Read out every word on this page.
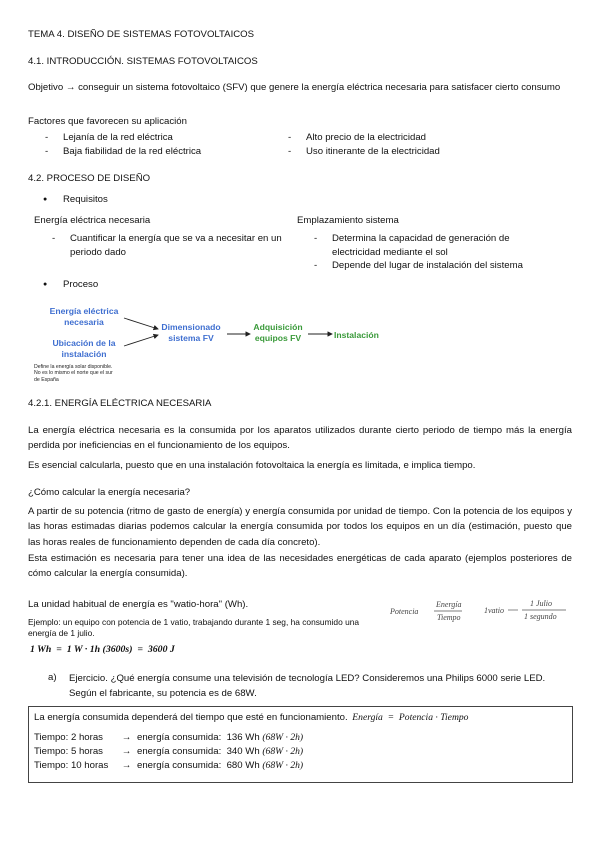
TEMA 4. DISEÑO DE SISTEMAS FOTOVOLTAICOS
4.1. INTRODUCCIÓN. SISTEMAS FOTOVOLTAICOS
Objetivo → conseguir un sistema fotovoltaico (SFV) que genere la energía eléctrica necesaria para satisfacer cierto consumo
Factores que favorecen su aplicación
- Lejanía de la red eléctrica
- Baja fiabilidad de la red eléctrica
- Alto precio de la electricidad
- Uso itinerante de la electricidad
4.2. PROCESO DE DISEÑO
● Requisitos
Energía eléctrica necesaria
- Cuantificar la energía que se va a necesitar en un periodo dado
Emplazamiento sistema
- Determina la capacidad de generación de electricidad mediante el sol
- Depende del lugar de instalación del sistema
● Proceso
Energía eléctrica necesaria
Ubicación de la instalación
Define la energía solar disponible. No es lo mismo el norte que el sur de España
Dimensionado sistema FV
Adquisición equipos FV	Instalación
4.2.1. ENERGÍA ELÉCTRICA NECESARIA
La energía eléctrica necesaria es la consumida por los aparatos utilizados durante cierto periodo de tiempo más la energía perdida por ineficiencias en el funcionamiento de los equipos.
Es esencial calcularla, puesto que en una instalación fotovoltaica la energía es limitada, e implica tiempo.
¿Cómo calcular la energía necesaria?
A partir de su potencia (ritmo de gasto de energía) y energía consumida por unidad de tiempo. Con la potencia de los equipos y las horas estimadas diarias podemos calcular la energía consumida por todos los equipos en un día (estimación, puesto que las horas reales de funcionamiento dependen de cada día concreto).
Esta estimación es necesaria para tener una idea de las necesidades energéticas de cada aparato (ejemplos posteriores de cómo calcular la energía consumida).
La unidad habitual de energía es "watio-hora" (Wh).
Ejemplo: un equipo con potencia de 1 vatio, trabajando durante 1 seg, ha consumido una energía de 1 julio.
1 Wh  =  1 W · 1h (3600s)  =  3600 J
Potencia
Energía
Tiempo
1vatio
1 Julio
1 segundo
a) Ejercicio. ¿Qué energía consume una televisión de tecnología LED? Consideremos una Philips 6000 serie LED. Según el fabricante, su potencia es de 68W.
La energía consumida dependerá del tiempo que esté en funcionamiento. Energía  =  Potencia · Tiempo
Tiempo: 2 horas → energía consumida:  136 Wh (68W · 2h)
Tiempo: 5 horas → energía consumida:  340 Wh (68W · 2h)
Tiempo: 10 horas → energía consumida:  680 Wh (68W · 2h)
